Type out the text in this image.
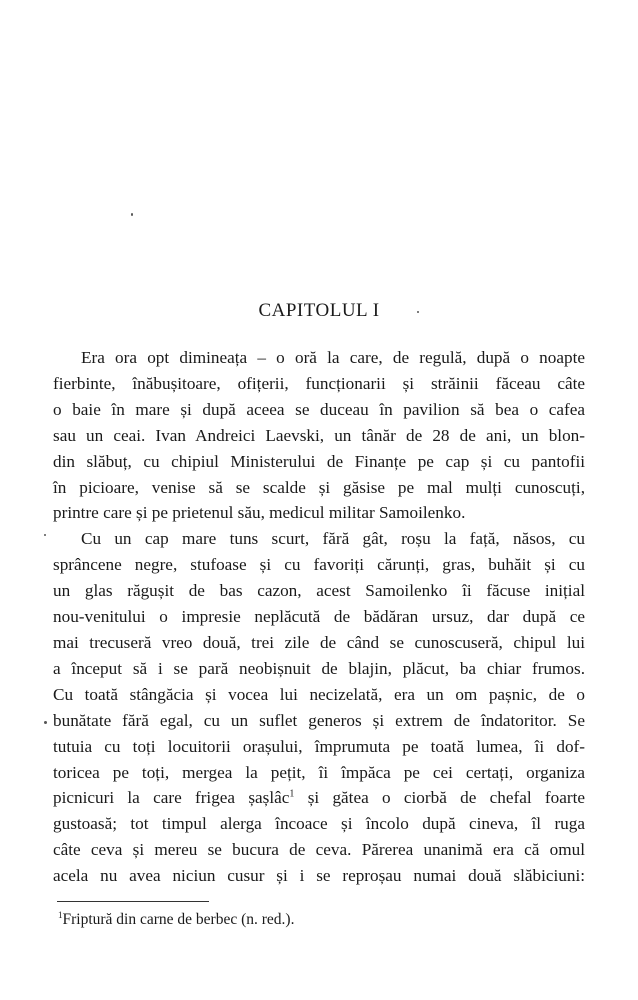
CAPITOLUL I
Era ora opt dimineața – o oră la care, de regulă, după o noapte
fierbinte, înăbușitoare, ofițerii, funcționarii și străinii făceau câte
o baie în mare și după aceea se duceau în pavilion să bea o cafea
sau un ceai. Ivan Andreici Laevski, un tânăr de 28 de ani, un blon-
din slăbuț, cu chipiul Ministerului de Finanțe pe cap și cu pantofii
în picioare, venise să se scalde și găsise pe mal mulți cunoscuți,
printre care și pe prietenul său, medicul militar Samoilenko.
Cu un cap mare tuns scurt, fără gât, roșu la față, năsos, cu
sprâncene negre, stufoase și cu favoriți cărunți, gras, buhăit și cu
un glas răgușit de bas cazon, acest Samoilenko îi făcuse inițial
nou-venitului o impresie neplăcută de bădăran ursuz, dar după ce
mai trecuseră vreo două, trei zile de când se cunoscuseră, chipul lui
a început să i se pară neobișnuit de blajin, plăcut, ba chiar frumos.
Cu toată stângăcia și vocea lui necizelată, era un om pașnic, de o
bunătate fără egal, cu un suflet generos și extrem de îndatoritor. Se
tutuia cu toți locuitorii orașului, împrumuta pe toată lumea, îi dof-
toricea pe toți, mergea la pețit, îi împăca pe cei certați, organiza
picnicuri la care frigea șașlâc$^1$ și gătea o ciorbă de chefal foarte
gustoasă; tot timpul alerga încoace și încolo după cineva, îl ruga
câte ceva și mereu se bucura de ceva. Părerea unanimă era că omul
acela nu avea niciun cusur și i se reproșau numai două slăbiciuni:
$^1$Friptură din carne de berbec (n. red.).
